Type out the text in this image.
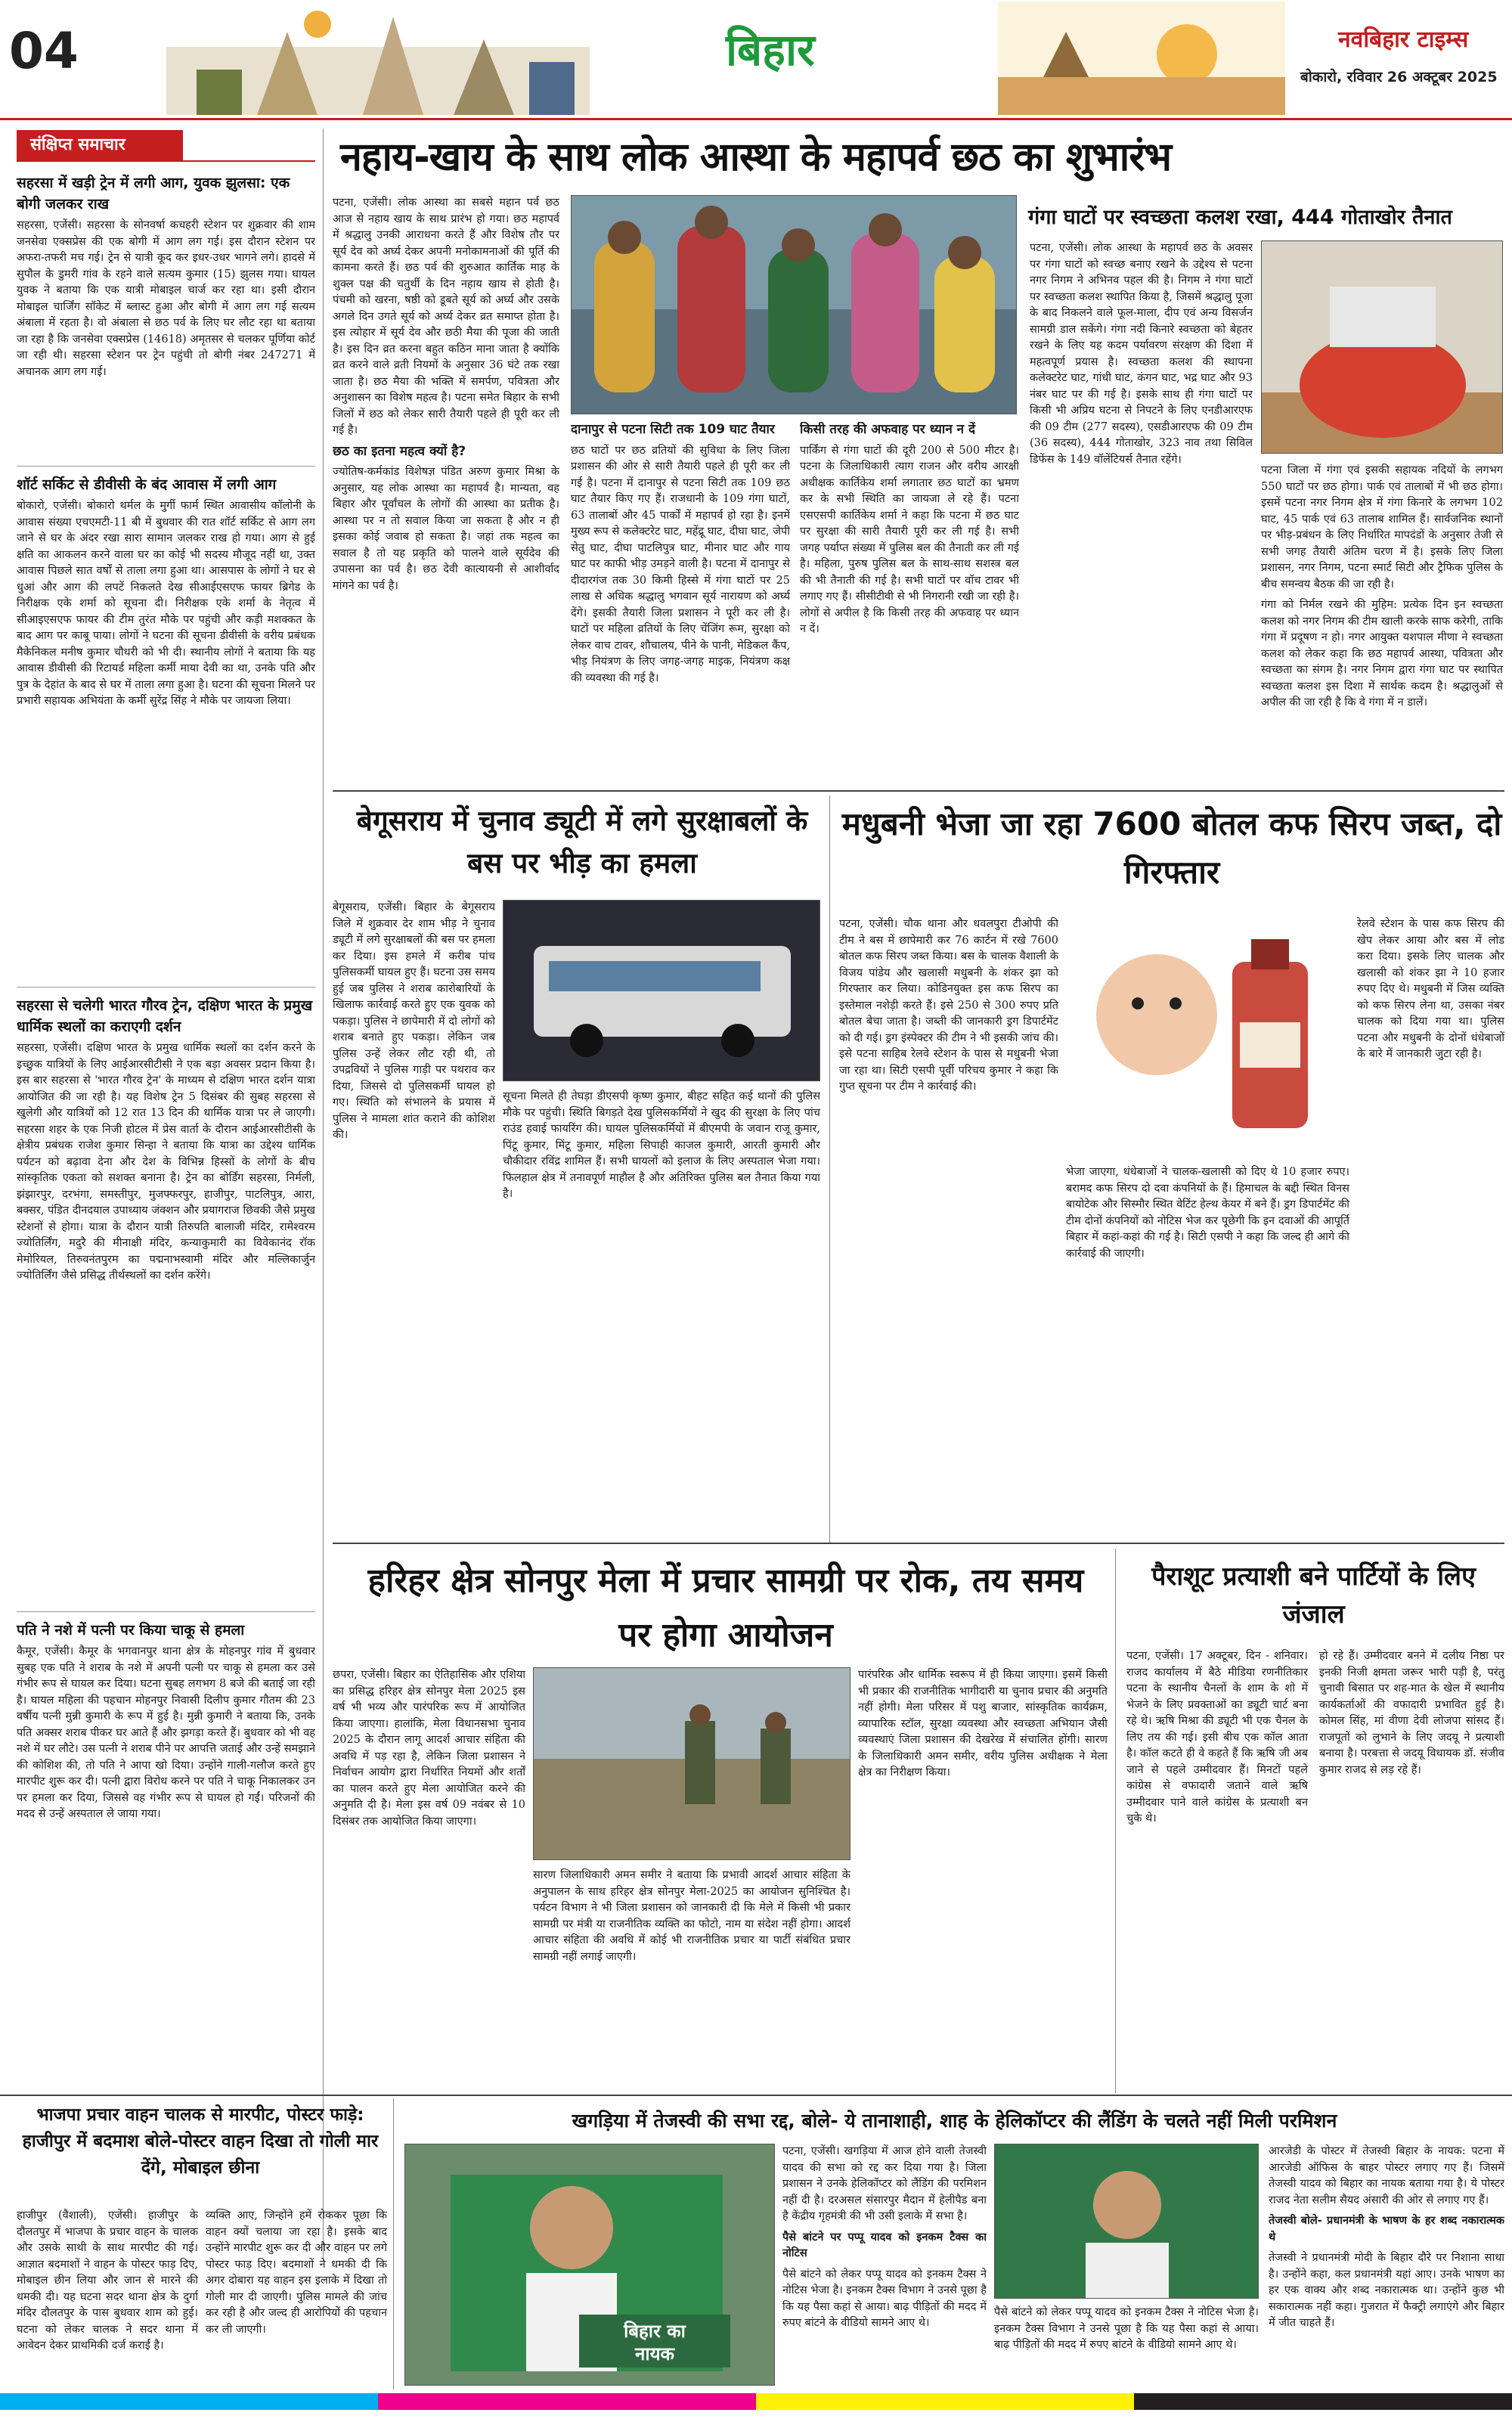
04	बिहार	नवबिहार टाइम्स
बोकारो, रविवार 26 अक्टूबर 2025
संक्षिप्त समाचार
सहरसा में खड़ी ट्रेन में लगी आग, युवक झुलसा: एक बोगी जलकर राख
सहरसा, एजेंसी। सहरसा के सोनवर्षा कचहरी स्टेशन पर शुक्रवार की शाम जनसेवा एक्सप्रेस की एक बोगी में आग लग गई। इस दौरान स्टेशन पर अफरा-तफरी मच गई। ट्रेन से यात्री कूद कर इधर-उधर भागने लगे। हादसे में सुपौल के डुमरी गांव के रहने वाले सत्यम कुमार (15) झुलस गया। घायल युवक ने बताया कि एक यात्री मोबाइल चार्ज कर रहा था। इसी दौरान मोबाइल चार्जिंग सॉकेट में ब्लास्ट हुआ और बोगी में आग लग गई सत्यम अंबाला में रहता है। वो अंबाला से छठ पर्व के लिए घर लौट रहा था बताया जा रहा है कि जनसेवा एक्सप्रेस (14618) अमृतसर से चलकर पूर्णिया कोर्ट जा रही थी। सहरसा स्टेशन पर ट्रेन पहुंची तो बोगी नंबर 247271 में अचानक आग लग गई।
शॉर्ट सर्किट से डीवीसी के बंद आवास में लगी आग
बोकारो, एजेंसी। बोकारो थर्मल के मुर्गी फार्म स्थित आवासीय कॉलोनी के आवास संख्या एचएमटी-11 बी में बुधवार की रात शॉर्ट सर्किट से आग लग जाने से घर के अंदर रखा सारा सामान जलकर राख हो गया। आग से हुई क्षति का आकलन करने वाला घर का कोई भी सदस्य मौजूद नहीं था, उक्त आवास पिछले सात वर्षों से ताला लगा हुआ था। आसपास के लोगों ने घर से धुआं और आग की लपटें निकलते देख सीआईएसएफ फायर ब्रिगेड के निरीक्षक एके शर्मा को सूचना दी। निरीक्षक एके शर्मा के नेतृत्व में सीआइएसएफ फायर की टीम तुरंत मौके पर पहुंची और कड़ी मशक्कत के बाद आग पर काबू पाया। लोगों ने घटना की सूचना डीवीसी के वरीय प्रबंधक मैकेनिकल मनीष कुमार चौधरी को भी दी। स्थानीय लोगों ने बताया कि यह आवास डीवीसी की रिटायर्ड महिला कर्मी माया देवी का था, उनके पति और पुत्र के देहांत के बाद से घर में ताला लगा हुआ है। घटना की सूचना मिलने पर प्रभारी सहायक अभियंता के कर्मी सुरेंद्र सिंह ने मौके पर जायजा लिया।
सहरसा से चलेगी भारत गौरव ट्रेन, दक्षिण भारत के प्रमुख धार्मिक स्थलों का कराएगी दर्शन
सहरसा, एजेंसी। दक्षिण भारत के प्रमुख धार्मिक स्थलों का दर्शन करने के इच्छुक यात्रियों के लिए आईआरसीटीसी ने एक बड़ा अवसर प्रदान किया है। इस बार सहरसा से 'भारत गौरव ट्रेन' के माध्यम से दक्षिण भारत दर्शन यात्रा आयोजित की जा रही है। यह विशेष ट्रेन 5 दिसंबर की सुबह सहरसा से खुलेगी और यात्रियों को 12 रात 13 दिन की धार्मिक यात्रा पर ले जाएगी। सहरसा शहर के एक निजी होटल में प्रेस वार्ता के दौरान आईआरसीटीसी के क्षेत्रीय प्रबंधक राजेश कुमार सिन्हा ने बताया कि यात्रा का उद्देश्य धार्मिक पर्यटन को बढ़ावा देना और देश के विभिन्न हिस्सों के लोगों के बीच सांस्कृतिक एकता को सशक्त बनाना है। ट्रेन का बोर्डिंग सहरसा, निर्मली, झंझारपुर, दरभंगा, समस्तीपुर, मुजफ्फरपुर, हाजीपुर, पाटलिपुत्र, आरा, बक्सर, पंडित दीनदयाल उपाध्याय जंक्शन और प्रयागराज छिवकी जैसे प्रमुख स्टेशनों से होगा। यात्रा के दौरान यात्री तिरुपति बालाजी मंदिर, रामेश्वरम ज्योतिर्लिंग, मदुरै की मीनाक्षी मंदिर, कन्याकुमारी का विवेकानंद रॉक मेमोरियल, तिरुवनंतपुरम का पद्मनाभस्वामी मंदिर और मल्लिकार्जुन ज्योतिर्लिंग जैसे प्रसिद्ध तीर्थस्थलों का दर्शन करेंगे।
पति ने नशे में पत्नी पर किया चाकू से हमला
कैमूर, एजेंसी। कैमूर के भगवानपुर थाना क्षेत्र के मोहनपुर गांव में बुधवार सुबह एक पति ने शराब के नशे में अपनी पत्नी पर चाकू से हमला कर उसे गंभीर रूप से घायल कर दिया। घटना सुबह लगभग 8 बजे की बताई जा रही है। घायल महिला की पहचान मोहनपुर निवासी दिलीप कुमार गौतम की 23 वर्षीय पत्नी मुन्नी कुमारी के रूप में हुई है। मुन्नी कुमारी ने बताया कि, उनके पति अक्सर शराब पीकर घर आते हैं और झगड़ा करते हैं। बुधवार को भी वह नशे में घर लौटे। उस पत्नी ने शराब पीने पर आपत्ति जताई और उन्हें समझाने की कोशिश की, तो पति ने आपा खो दिया। उन्होंने गाली-गलौज करते हुए मारपीट शुरू कर दी। पत्नी द्वारा विरोध करने पर पति ने चाकू निकालकर उन पर हमला कर दिया, जिससे वह गंभीर रूप से घायल हो गईं। परिजनों की मदद से उन्हें अस्पताल ले जाया गया।
नहाय-खाय के साथ लोक आस्था के महापर्व छठ का शुभारंभ

पटना, एजेंसी। लोक आस्था का सबसे महान पर्व छठ आज से नहाय खाय के साथ प्रारंभ हो गया। छठ महापर्व में श्रद्धालु उनकी आराधना करते हैं और विशेष तौर पर सूर्य देव को अर्घ्य देकर अपनी मनोकामनाओं की पूर्ति की कामना करते हैं। छठ पर्व की शुरुआत कार्तिक माह के शुक्ल पक्ष की चतुर्थी के दिन नहाय खाय से होती है। पंचमी को खरना, षष्ठी को डूबते सूर्य को अर्घ्य और उसके अगले दिन उगते सूर्य को अर्घ्य देकर व्रत समाप्त होता है। इस त्योहार में सूर्य देव और छठी मैया की पूजा की जाती है। इस दिन व्रत करना बहुत कठिन माना जाता है क्योंकि व्रत करने वाले व्रती नियमों के अनुसार 36 घंटे तक रखा जाता है। छठ मैया की भक्ति में समर्पण, पवित्रता और अनुशासन का विशेष महत्व है। पटना समेत बिहार के सभी जिलों में छठ को लेकर सारी तैयारी पहले ही पूरी कर ली गई है।

छठ का इतना महत्व क्यों है?

ज्योतिष-कर्मकांड विशेषज्ञ पंडित अरुण कुमार मिश्रा के अनुसार, यह लोक आस्था का महापर्व है। मान्यता, वह बिहार और पूर्वांचल के लोगों की आस्था का प्रतीक है। आस्था पर न तो सवाल किया जा सकता है और न ही इसका कोई जवाब हो सकता है। जहां तक महत्व का सवाल है तो यह प्रकृति को पालने वाले सूर्यदेव की उपासना का पर्व है। छठ देवी कात्यायनी से आशीर्वाद मांगने का पर्व है।

दानापुर से पटना सिटी तक 109 घाट तैयार

छठ घाटों पर छठ व्रतियों की सुविधा के लिए जिला प्रशासन की ओर से सारी तैयारी पहले ही पूरी कर ली गई है। पटना में दानापुर से पटना सिटी तक 109 छठ घाट तैयार किए गए हैं। राजधानी के 109 गंगा घाटों, 63 तालाबों और 45 पार्कों में महापर्व हो रहा है। इनमें मुख्य रूप से कलेक्टरेट घाट, महेंद्रू घाट, दीघा घाट, जेपी सेतु घाट, दीघा पाटलिपुत्र घाट, मीनार घाट और गाय घाट पर काफी भीड़ उमड़ने वाली है। पटना में दानापुर से दीदारगंज तक 30 किमी हिस्से में गंगा घाटों पर 25 लाख से अधिक श्रद्धालु भगवान सूर्य नारायण को अर्घ्य देंगे। इसकी तैयारी जिला प्रशासन ने पूरी कर ली है। घाटों पर महिला व्रतियों के लिए चेंजिंग रूम, सुरक्षा को लेकर वाच टावर, शौचालय, पीने के पानी, मेडिकल कैंप, भीड़ नियंत्रण के लिए जगह-जगह माइक, नियंत्रण कक्ष की व्यवस्था की गई है।

किसी तरह की अफवाह पर ध्यान न दें

पार्किंग से गंगा घाटों की दूरी 200 से 500 मीटर है। पटना के जिलाधिकारी त्याग राजन और वरीय आरक्षी अधीक्षक कार्तिकेय शर्मा लगातार छठ घाटों का भ्रमण कर के सभी स्थिति का जायजा ले रहे हैं। पटना एसएसपी कार्तिकेय शर्मा ने कहा कि पटना में छठ घाट पर सुरक्षा की सारी तैयारी पूरी कर ली गई है। सभी जगह पर्याप्त संख्या में पुलिस बल की तैनाती कर ली गई है। महिला, पुरुष पुलिस बल के साथ-साथ सशस्त्र बल की भी तैनाती की गई है। सभी घाटों पर वॉच टावर भी लगाए गए हैं। सीसीटीवी से भी निगरानी रखी जा रही है। लोगों से अपील है कि किसी तरह की अफवाह पर ध्यान न दें।

गंगा घाटों पर स्वच्छता कलश रखा, 444 गोताखोर तैनात

पटना, एजेंसी। लोक आस्था के महापर्व छठ के अवसर पर गंगा घाटों को स्वच्छ बनाए रखने के उद्देश्य से पटना नगर निगम ने अभिनव पहल की है। निगम ने गंगा घाटों पर स्वच्छता कलश स्थापित किया है, जिसमें श्रद्धालु पूजा के बाद निकलने वाले फूल-माला, दीप एवं अन्य विसर्जन सामग्री डाल सकेंगे। गंगा नदी किनारे स्वच्छता को बेहतर रखने के लिए यह कदम पर्यावरण संरक्षण की दिशा में महत्वपूर्ण प्रयास है। स्वच्छता कलश की स्थापना कलेक्टरेट घाट, गांधी घाट, कंगन घाट, भद्र घाट और 93 नंबर घाट पर की गई है। इसके साथ ही गंगा घाटों पर किसी भी अप्रिय घटना से निपटने के लिए एनडीआरएफ की 09 टीम (277 सदस्य), एसडीआरएफ की 09 टीम (36 सदस्य), 444 गोताखोर, 323 नाव तथा सिविल डिफेंस के 149 वॉलेंटियर्स तैनात रहेंगे।

पटना जिला में गंगा एवं इसकी सहायक नदियों के लगभग 550 घाटों पर छठ होगा। पार्क एवं तालाबों में भी छठ होगा। इसमें पटना नगर निगम क्षेत्र में गंगा किनारे के लगभग 102 घाट, 45 पार्क एवं 63 तालाब शामिल हैं। सार्वजनिक स्थानों पर भीड़-प्रबंधन के लिए निर्धारित मापदंडों के अनुसार तेजी से सभी जगह तैयारी अंतिम चरण में है। इसके लिए जिला प्रशासन, नगर निगम, पटना स्मार्ट सिटी और ट्रैफिक पुलिस के बीच समन्वय बैठक की जा रही है।

गंगा को निर्मल रखने की मुहिम: प्रत्येक दिन इन स्वच्छता कलश को नगर निगम की टीम खाली करके साफ करेगी, ताकि गंगा में प्रदूषण न हो। नगर आयुक्त यशपाल मीणा ने स्वच्छता कलश को लेकर कहा कि छठ महापर्व आस्था, पवित्रता और स्वच्छता का संगम है। नगर निगम द्वारा गंगा घाट पर स्थापित स्वच्छता कलश इस दिशा में सार्थक कदम है। श्रद्धालुओं से अपील की जा रही है कि वे गंगा में न डालें।

बेगूसराय में चुनाव ड्यूटी में लगे सुरक्षाबलों के बस पर भीड़ का हमला

बेगूसराय, एजेंसी। बिहार के बेगूसराय जिले में शुक्रवार देर शाम भीड़ ने चुनाव ड्यूटी में लगे सुरक्षाबलों की बस पर हमला कर दिया। इस हमले में करीब पांच पुलिसकर्मी घायल हुए हैं। घटना उस समय हुई जब पुलिस ने शराब कारोबारियों के खिलाफ कार्रवाई करते हुए एक युवक को पकड़ा। पुलिस ने छापेमारी में दो लोगों को शराब बनाते हुए पकड़ा। लेकिन जब पुलिस उन्हें लेकर लौट रही थी, तो उपद्रवियों ने पुलिस गाड़ी पर पथराव कर दिया, जिससे दो पुलिसकर्मी घायल हो गए। स्थिति को संभालने के प्रयास में पुलिस ने मामला शांत कराने की कोशिश की।

सूचना मिलते ही तेघड़ा डीएसपी कृष्ण कुमार, बीहट सहित कई थानों की पुलिस मौके पर पहुंची। स्थिति बिगड़ते देख पुलिसकर्मियों ने खुद की सुरक्षा के लिए पांच राउंड हवाई फायरिंग की। घायल पुलिसकर्मियों में बीएमपी के जवान राजू कुमार, पिंटू कुमार, मिंटू कुमार, महिला सिपाही काजल कुमारी, आरती कुमारी और चौकीदार रविंद्र शामिल हैं। सभी घायलों को इलाज के लिए अस्पताल भेजा गया। फिलहाल क्षेत्र में तनावपूर्ण माहौल है और अतिरिक्त पुलिस बल तैनात किया गया है।

मधुबनी भेजा जा रहा 7600 बोतल कफ सिरप जब्त, दो गिरफ्तार

पटना, एजेंसी। चौक थाना और धवलपुरा टीओपी की टीम ने बस में छापेमारी कर 76 कार्टन में रखे 7600 बोतल कफ सिरप जब्त किया। बस के चालक वैशाली के विजय पांडेय और खलासी मधुबनी के शंकर झा को गिरफ्तार कर लिया। कोडिनयुक्त इस कफ सिरप का इस्तेमाल नशेड़ी करते हैं। इसे 250 से 300 रुपए प्रति बोतल बेचा जाता है। जब्ती की जानकारी ड्रग डिपार्टमेंट को दी गई। ड्रग इंस्पेक्टर की टीम ने भी इसकी जांच की। इसे पटना साहिब रेलवे स्टेशन के पास से मधुबनी भेजा जा रहा था। सिटी एसपी पूर्वी परिचय कुमार ने कहा कि गुप्त सूचना पर टीम ने कार्रवाई की।

भेजा जाएगा, धंधेबाजों ने चालक-खलासी को दिए थे 10 हजार रुपए। बरामद कफ सिरप दो दवा कंपनियों के हैं। हिमाचल के बद्दी स्थित विनस बायोटेक और सिस्मौर स्थित वेटिंट हेल्थ केयर में बने हैं। ड्रग डिपार्टमेंट की टीम दोनों कंपनियों को नोटिस भेज कर पूछेगी कि इन दवाओं की आपूर्ति बिहार में कहां-कहां की गई है। सिटी एसपी ने कहा कि जल्द ही आगे की कार्रवाई की जाएगी।

रेलवे स्टेशन के पास कफ सिरप की खेप लेकर आया और बस में लोड करा दिया। इसके लिए चालक और खलासी को शंकर झा ने 10 हजार रुपए दिए थे। मधुबनी में जिस व्यक्ति को कफ सिरप लेना था, उसका नंबर चालक को दिया गया था। पुलिस पटना और मधुबनी के दोनों धंधेबाजों के बारे में जानकारी जुटा रही है।

हरिहर क्षेत्र सोनपुर मेला में प्रचार सामग्री पर रोक, तय समय पर होगा आयोजन

छपरा, एजेंसी। बिहार का ऐतिहासिक और एशिया का प्रसिद्ध हरिहर क्षेत्र सोनपुर मेला 2025 इस वर्ष भी भव्य और पारंपरिक रूप में आयोजित किया जाएगा। हालांकि, मेला विधानसभा चुनाव 2025 के दौरान लागू आदर्श आचार संहिता की अवधि में पड़ रहा है, लेकिन जिला प्रशासन ने निर्वाचन आयोग द्वारा निर्धारित नियमों और शर्तों का पालन करते हुए मेला आयोजित करने की अनुमति दी है। मेला इस वर्ष 09 नवंबर से 10 दिसंबर तक आयोजित किया जाएगा।

सारण जिलाधिकारी अमन समीर ने बताया कि प्रभावी आदर्श आचार संहिता के अनुपालन के साथ हरिहर क्षेत्र सोनपुर मेला-2025 का आयोजन सुनिश्चित है। पर्यटन विभाग ने भी जिला प्रशासन को जानकारी दी कि मेले में किसी भी प्रकार सामग्री पर मंत्री या राजनीतिक व्यक्ति का फोटो, नाम या संदेश नहीं होगा। आदर्श आचार संहिता की अवधि में कोई भी राजनीतिक प्रचार या पार्टी संबंधित प्रचार सामग्री नहीं लगाई जाएगी।

पारंपरिक और धार्मिक स्वरूप में ही किया जाएगा। इसमें किसी भी प्रकार की राजनीतिक भागीदारी या चुनाव प्रचार की अनुमति नहीं होगी। मेला परिसर में पशु बाजार, सांस्कृतिक कार्यक्रम, व्यापारिक स्टॉल, सुरक्षा व्यवस्था और स्वच्छता अभियान जैसी व्यवस्थाएं जिला प्रशासन की देखरेख में संचालित होंगी। सारण के जिलाधिकारी अमन समीर, वरीय पुलिस अधीक्षक ने मेला क्षेत्र का निरीक्षण किया।

पैराशूट प्रत्याशी बने पार्टियों के लिए जंजाल

पटना, एजेंसी। 17 अक्टूबर, दिन - शनिवार। राजद कार्यालय में बैठे मीडिया रणनीतिकार पटना के स्थानीय चैनलों के शाम के शो में भेजने के लिए प्रवक्ताओं का ड्यूटी चार्ट बना रहे थे। ऋषि मिश्रा की ड्यूटी भी एक चैनल के लिए तय की गई। इसी बीच एक कॉल आता है। कॉल कटते ही वे कहते हैं कि ऋषि जी अब जाने से पहले उम्मीदवार हैं। मिनटों पहले कांग्रेस से वफादारी जताने वाले ऋषि उम्मीदवार पाने वाले कांग्रेस के प्रत्याशी बन चुके थे।

हो रहे हैं। उम्मीदवार बनने में दलीय निष्ठा पर इनकी निजी क्षमता जरूर भारी पड़ी है, परंतु चुनावी बिसात पर शह-मात के खेल में स्थानीय कार्यकर्ताओं की वफादारी प्रभावित हुई है। कोमल सिंह, मां वीणा देवी लोजपा सांसद हैं। राजपूतों को लुभाने के लिए जदयू ने प्रत्याशी बनाया है। परबत्ता से जदयू विधायक डॉ. संजीव कुमार राजद से लड़ रहे हैं।

भाजपा प्रचार वाहन चालक से मारपीट, पोस्टर फाड़े: हाजीपुर में बदमाश बोले-पोस्टर वाहन दिखा तो गोली मार देंगे, मोबाइल छीना

हाजीपुर (वैशाली), एजेंसी। हाजीपुर के दौलतपुर में भाजपा के प्रचार वाहन के चालक और उसके साथी के साथ मारपीट की गई। आज्ञात बदमाशों ने वाहन के पोस्टर फाड़ दिए, मोबाइल छीन लिया और जान से मारने की धमकी दी। यह घटना सदर थाना क्षेत्र के दुर्गा मंदिर दौलतपुर के पास बुधवार शाम को हुई। घटना को लेकर चालक ने सदर थाना में आवेदन देकर प्राथमिकी दर्ज कराई है।

व्यक्ति आए, जिन्होंने हमें रोककर पूछा कि वाहन क्यों चलाया जा रहा है। इसके बाद उन्होंने मारपीट शुरू कर दी और वाहन पर लगे पोस्टर फाड़ दिए। बदमाशों ने धमकी दी कि अगर दोबारा यह वाहन इस इलाके में दिखा तो गोली मार दी जाएगी। पुलिस मामले की जांच कर रही है और जल्द ही आरोपियों की पहचान कर ली जाएगी।

खगड़िया में तेजस्वी की सभा रद्द, बोले- ये तानाशाही, शाह के हेलिकॉप्टर की लैंडिंग के चलते नहीं मिली परमिशन
बिहार का
नायक

पटना, एजेंसी। खगड़िया में आज होने वाली तेजस्वी यादव की सभा को रद्द कर दिया गया है। जिला प्रशासन ने उनके हेलिकॉप्टर को लैंडिंग की परमिशन नहीं दी है। दरअसल संसारपुर मैदान में हेलीपैड बना है केंद्रीय गृहमंत्री की भी उसी इलाके में सभा है।

पैसे बांटने पर पप्पू यादव को इनकम टैक्स का नोटिस

पैसे बांटने को लेकर पप्पू यादव को इनकम टैक्स ने नोटिस भेजा है। इनकम टैक्स विभाग ने उनसे पूछा है कि यह पैसा कहां से आया। बाढ़ पीड़ितों की मदद में रुपए बांटने के वीडियो सामने आए थे।

पैसे बांटने को लेकर पप्पू यादव को इनकम टैक्स ने नोटिस भेजा है। इनकम टैक्स विभाग ने उनसे पूछा है कि यह पैसा कहां से आया। बाढ़ पीड़ितों की मदद में रुपए बांटने के वीडियो सामने आए थे।

आरजेडी के पोस्टर में तेजस्वी बिहार के नायक: पटना में आरजेडी ऑफिस के बाहर पोस्टर लगाए गए हैं। जिसमें तेजस्वी यादव को बिहार का नायक बताया गया है। ये पोस्टर राजद नेता सलीम सैयद अंसारी की ओर से लगाए गए हैं।

तेजस्वी बोले- प्रधानमंत्री के भाषण के हर शब्द नकारात्मक थे

तेजस्वी ने प्रधानमंत्री मोदी के बिहार दौरे पर निशाना साधा है। उन्होंने कहा, कल प्रधानमंत्री यहां आए। उनके भाषण का हर एक वाक्य और शब्द नकारात्मक था। उन्होंने कुछ भी सकारात्मक नहीं कहा। गुजरात में फैक्ट्री लगाएंगे और बिहार में जीत चाहते हैं।
